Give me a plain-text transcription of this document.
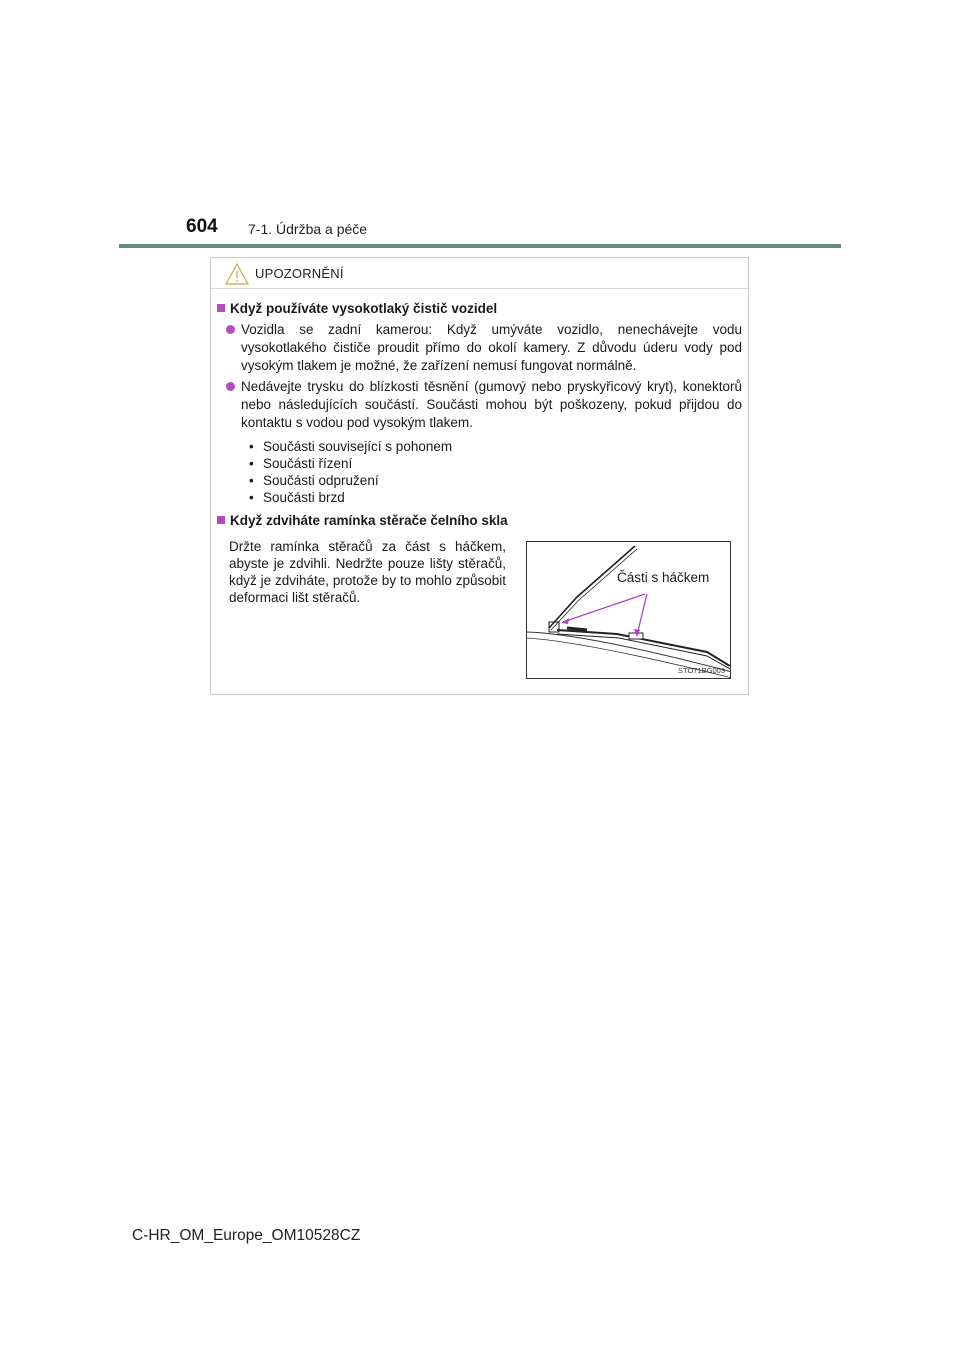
604 7-1. Údržba a péče
UPOZORNĚNÍ
Když používáte vysokotlaký čistič vozidel
Vozidla se zadní kamerou: Když umýváte vozidlo, nenechávejte vodu vysokotlakého čističe proudit přímo do okolí kamery. Z důvodu úderu vody pod vysokým tlakem je možné, že zařízení nemusí fungovat normálně.
Nedávejte trysku do blízkosti těsnění (gumový nebo pryskyřicový kryt), konektorů nebo následujících součástí. Součásti mohou být poškozeny, pokud přijdou do kontaktu s vodou pod vysokým tlakem.
• Součásti související s pohonem
• Součásti řízení
• Součásti odpružení
• Součásti brzd
Když zdviháte ramínka stěrače čelního skla
Držte ramínka stěračů za část s háčkem, abyste je zdvihli. Nedržte pouze lišty stěračů, když je zdviháte, protože by to mohlo způsobit deformaci lišt stěračů.
Části s háčkem
STO71BG003
C-HR_OM_Europe_OM10528CZ
